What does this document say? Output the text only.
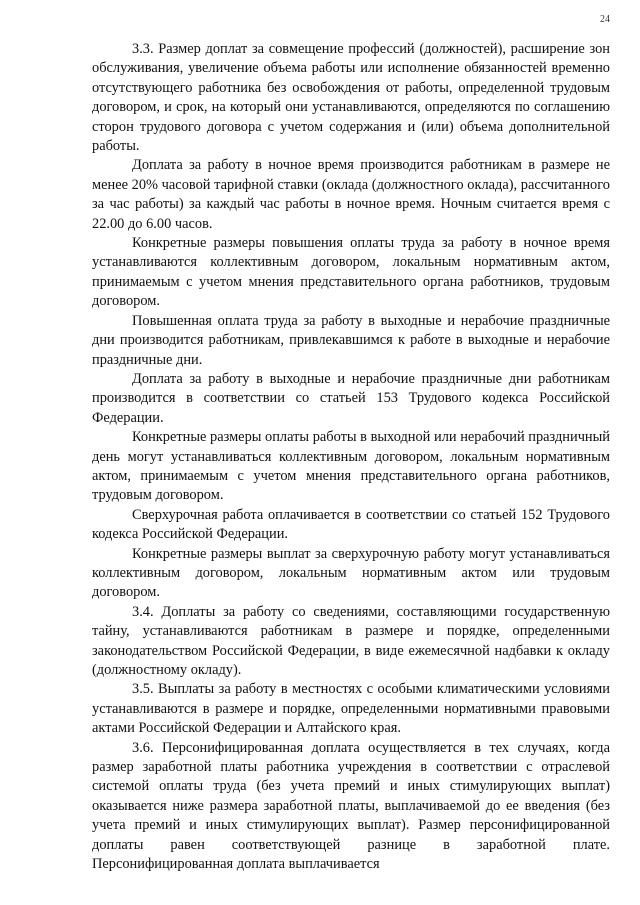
24

3.3. Размер доплат за совмещение профессий (должностей), расширение зон обслуживания, увеличение объема работы или исполнение обязанностей временно отсутствующего работника без освобождения от работы, определенной трудовым договором, и срок, на который они устанавливаются, определяются по соглашению сторон трудового договора с учетом содержания и (или) объема дополнительной работы.

Доплата за работу в ночное время производится работникам в размере не менее 20% часовой тарифной ставки (оклада (должностного оклада), рассчитанного за час работы) за каждый час работы в ночное время. Ночным считается время с 22.00 до 6.00 часов.

Конкретные размеры повышения оплаты труда за работу в ночное время устанавливаются коллективным договором, локальным нормативным актом, принимаемым с учетом мнения представительного органа работников, трудовым договором.

Повышенная оплата труда за работу в выходные и нерабочие праздничные дни производится работникам, привлекавшимся к работе в выходные и нерабочие праздничные дни.

Доплата за работу в выходные и нерабочие праздничные дни работникам производится в соответствии со статьей 153 Трудового кодекса Российской Федерации.

Конкретные размеры оплаты работы в выходной или нерабочий праздничный день могут устанавливаться коллективным договором, локальным нормативным актом, принимаемым с учетом мнения представительного органа работников, трудовым договором.

Сверхурочная работа оплачивается в соответствии со статьей 152 Трудового кодекса Российской Федерации.

Конкретные размеры выплат за сверхурочную работу могут устанавливаться коллективным договором, локальным нормативным актом или трудовым договором.

3.4. Доплаты за работу со сведениями, составляющими государственную тайну, устанавливаются работникам в размере и порядке, определенными законодательством Российской Федерации, в виде ежемесячной надбавки к окладу (должностному окладу).

3.5. Выплаты за работу в местностях с особыми климатическими условиями устанавливаются в размере и порядке, определенными нормативными правовыми актами Российской Федерации и Алтайского края.

3.6. Персонифицированная доплата осуществляется в тех случаях, когда размер заработной платы работника учреждения в соответствии с отраслевой системой оплаты труда (без учета премий и иных стимулирующих выплат) оказывается ниже размера заработной платы, выплачиваемой до ее введения (без учета премий и иных стимулирующих выплат). Размер персонифицированной доплаты равен соответствующей разнице в заработной плате. Персонифицированная доплата выплачивается
